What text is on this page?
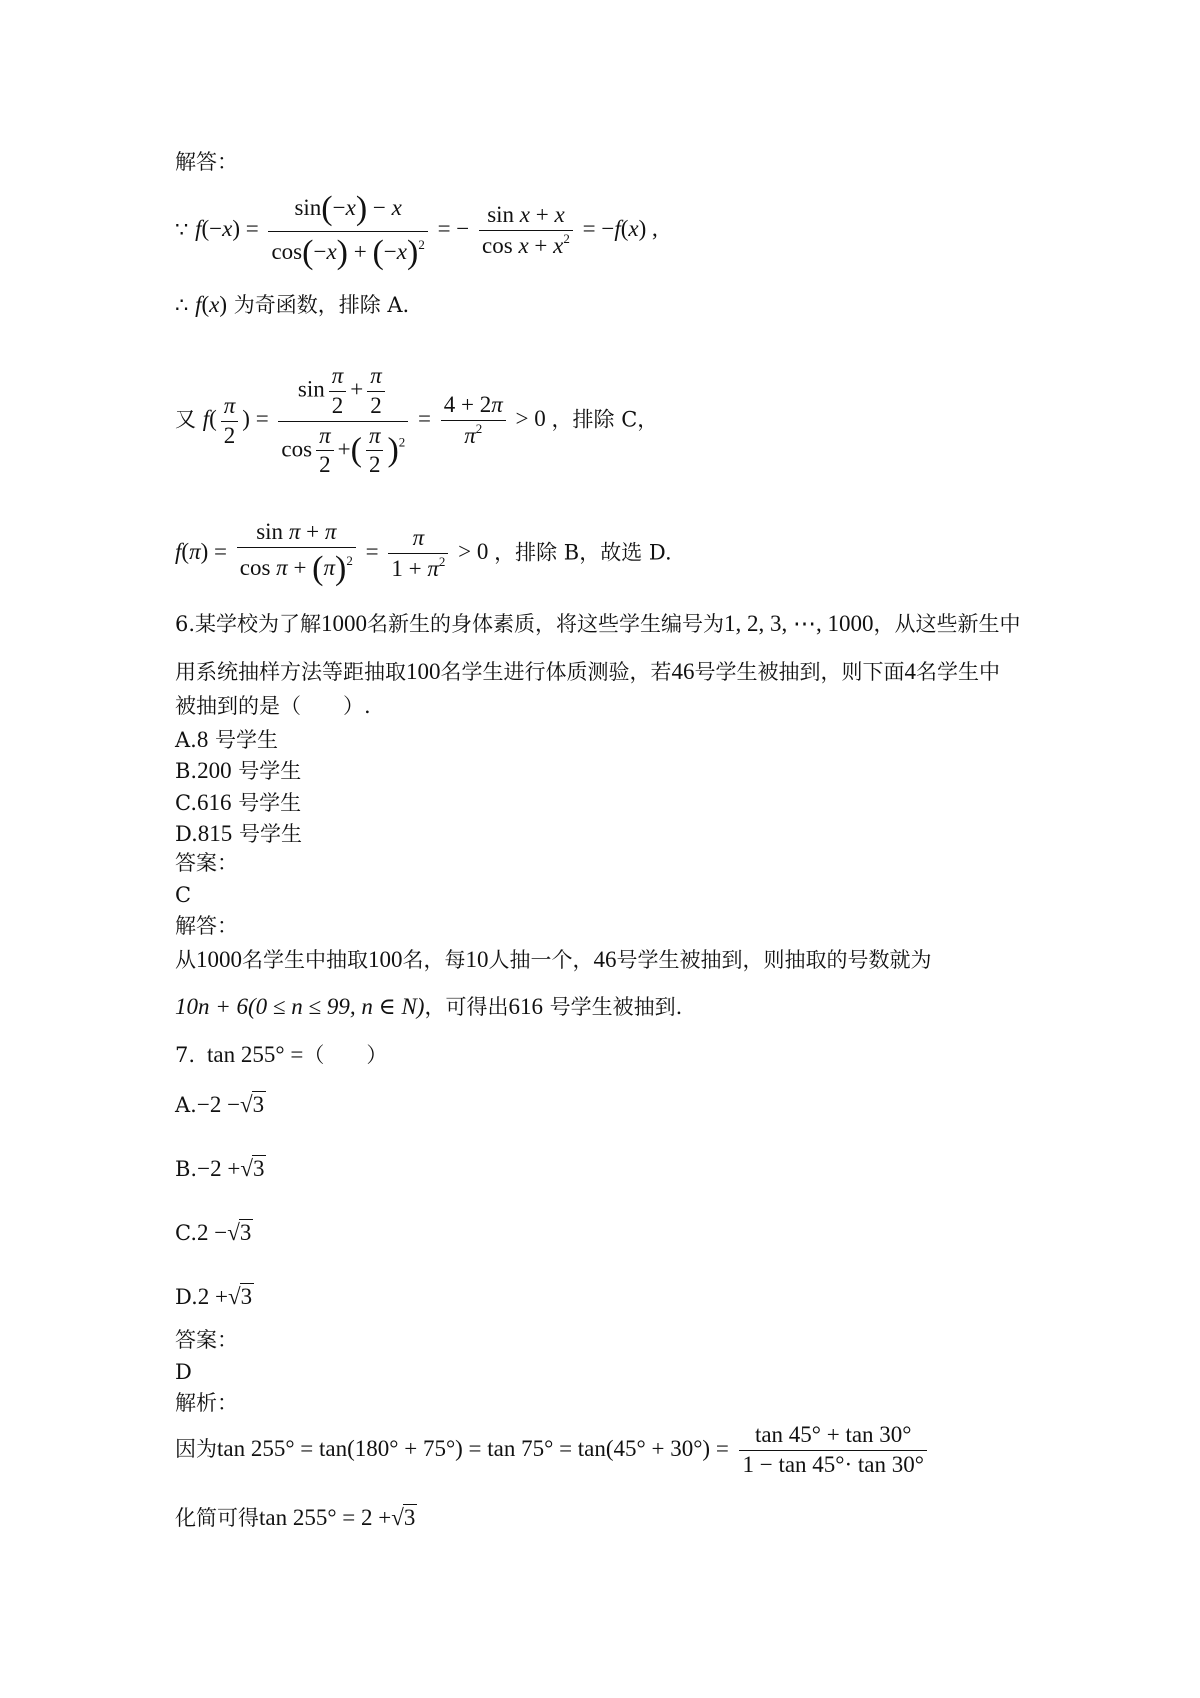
解答：
∵ $f(-x) = \frac{\sin(-x) - x}{\cos(-x) + (-x)^2}$ = − $\frac{\text{sin x + x}}{\cos x + x^2} = -f(x)$ ,
∴ f(x) 为奇函数，排除 A.
又 $f( \frac{\pi}{2}$ ) = $\frac{\sin \frac{\pi}{2} + \frac{\pi}{2}}{\cos \frac{\pi}{2} +( \frac{\pi}{2} )^2} = \frac{4 + 2\pi}{\pi^2} > 0$ ，排除 C，
$f(\pi) = \frac{\text{sin π + π}}{\cos \pi + (\pi)^2} = \frac{\pi}{1 + \pi^2} > 0$ ，排除 B，故选 D.
6.某学校为了解1000名新生的身体素质，将这些学生编号为1, 2, 3, ⋯, 1000，从这些新生中
用系统抽样方法等距抽取100名学生进行体质测验，若46号学生被抽到，则下面4名学生中
被抽到的是（　　）.
A.8 号学生
B.200 号学生
C.616 号学生
D.815 号学生
答案：
C
解答：
从1000名学生中抽取100名，每10人抽一个，46号学生被抽到，则抽取的号数就为
10n + 6(0 ≤ n ≤ 99, n ∈ N)，可得出616 号学生被抽到.
7. tan 255° =（　　）
A.−2 −√3
B.−2 +√3
C.2 −√3
D.2 +√3
答案：
D
解析：
因为$\tan 255^\circ = \tan(180^\circ + 75^\circ) = \tan 75^\circ = \tan(45^\circ + 30^\circ) = \frac{\tan 45^\circ + \tan 30^\circ}{1 - \tan 45^\circ\cdot \tan 30^\circ}$
化简可得tan 255° = 2 +√3
